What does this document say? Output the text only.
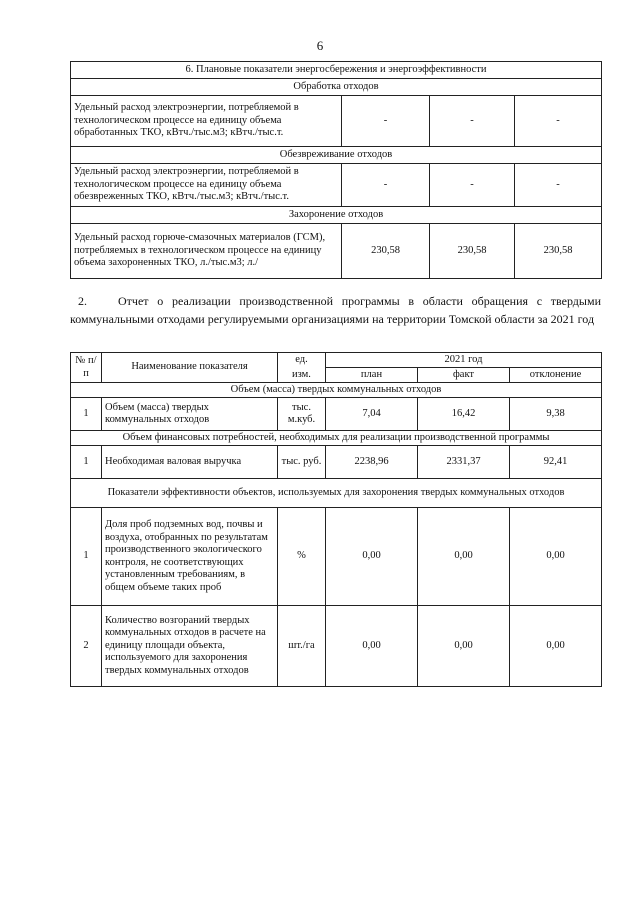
6
6. Плановые показатели энергосбережения и энергоэффективности			
Обработка отходов			
Удельный расход электроэнергии, потребляемой в технологическом процессе на единицу объема обработанных ТКО, кВтч./тыс.м3; кВтч./тыс.т.	-	-	-
Обезвреживание отходов			
Удельный расход электроэнергии, потребляемой в технологическом процессе на единицу объема обезвреженных ТКО, кВтч./тыс.м3; кВтч./тыс.т.	-	-	-
Захоронение отходов			
Удельный расход горюче-смазочных материалов (ГСМ), потребляемых в технологическом процессе на единицу объема захороненных ТКО, л./тыс.м3; л./	230,58	230,58	230,58
2.	Отчет о реализации производственной программы в области обращения с твердыми коммунальными отходами регулируемыми организациями на территории Томской области за 2021 год
№ п/п	Наименование показателя	ед.	2021 год		
		изм.	план	факт	отклонение
Объем (масса) твердых коммунальных отходов					
1	Объем (масса) твердых коммунальных отходов	тыс. м.куб.	7,04	16,42	9,38
Объем финансовых потребностей, необходимых для реализации производственной программы					
1	Необходимая валовая выручка	тыс. руб.	2238,96	2331,37	92,41
Показатели эффективности объектов, используемых для захоронения твердых коммунальных отходов					
1	Доля проб подземных вод, почвы и воздуха, отобранных по результатам производственного экологического контроля, не соответствующих установленным требованиям, в общем объеме таких проб	%	0,00	0,00	0,00
2	Количество возгораний твердых коммунальных отходов в расчете на единицу площади объекта, используемого для захоронения твердых коммунальных отходов	шт./га	0,00	0,00	0,00
